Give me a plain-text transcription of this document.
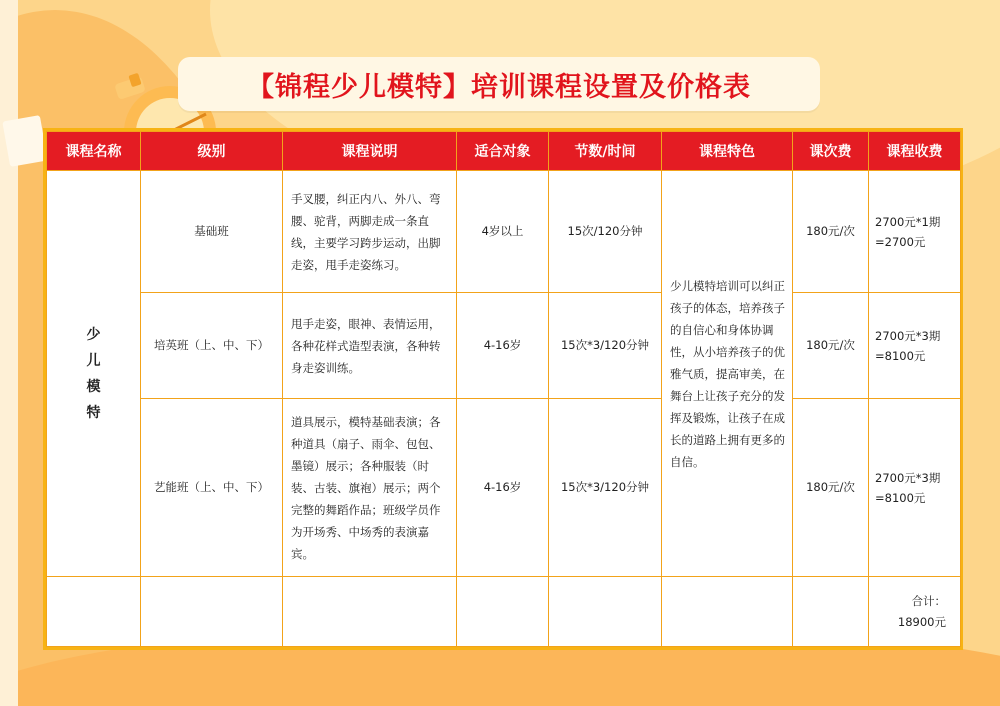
【锦程少儿模特】培训课程设置及价格表
课程名称	级别	课程说明	适合对象	节数/时间	课程特色	课次费	课程收费

少儿模特	基础班	手叉腰，纠正内八、外八、弯腰、驼背，两脚走成一条直线，主要学习跨步运动，出脚走姿，甩手走姿练习。	4岁以上	15次/120分钟	少儿模特培训可以纠正孩子的体态，培养孩子的自信心和身体协调性，从小培养孩子的优雅气质，提高审美，在舞台上让孩子充分的发挥及锻炼，让孩子在成长的道路上拥有更多的自信。	180元/次	2700元*1期
=2700元

	培英班（上、中、下）	甩手走姿，眼神、表情运用，各种花样式造型表演，各种转身走姿训练。	4-16岁	15次*3/120分钟		180元/次	2700元*3期
=8100元

	艺能班（上、中、下）	道具展示，模特基础表演；各种道具（扇子、雨伞、包包、墨镜）展示；各种服装（时装、古装、旗袍）展示；两个完整的舞蹈作品；班级学员作为开场秀、中场秀的表演嘉宾。	4-16岁	15次*3/120分钟		180元/次	2700元*3期
=8100元

							合计：18900元
